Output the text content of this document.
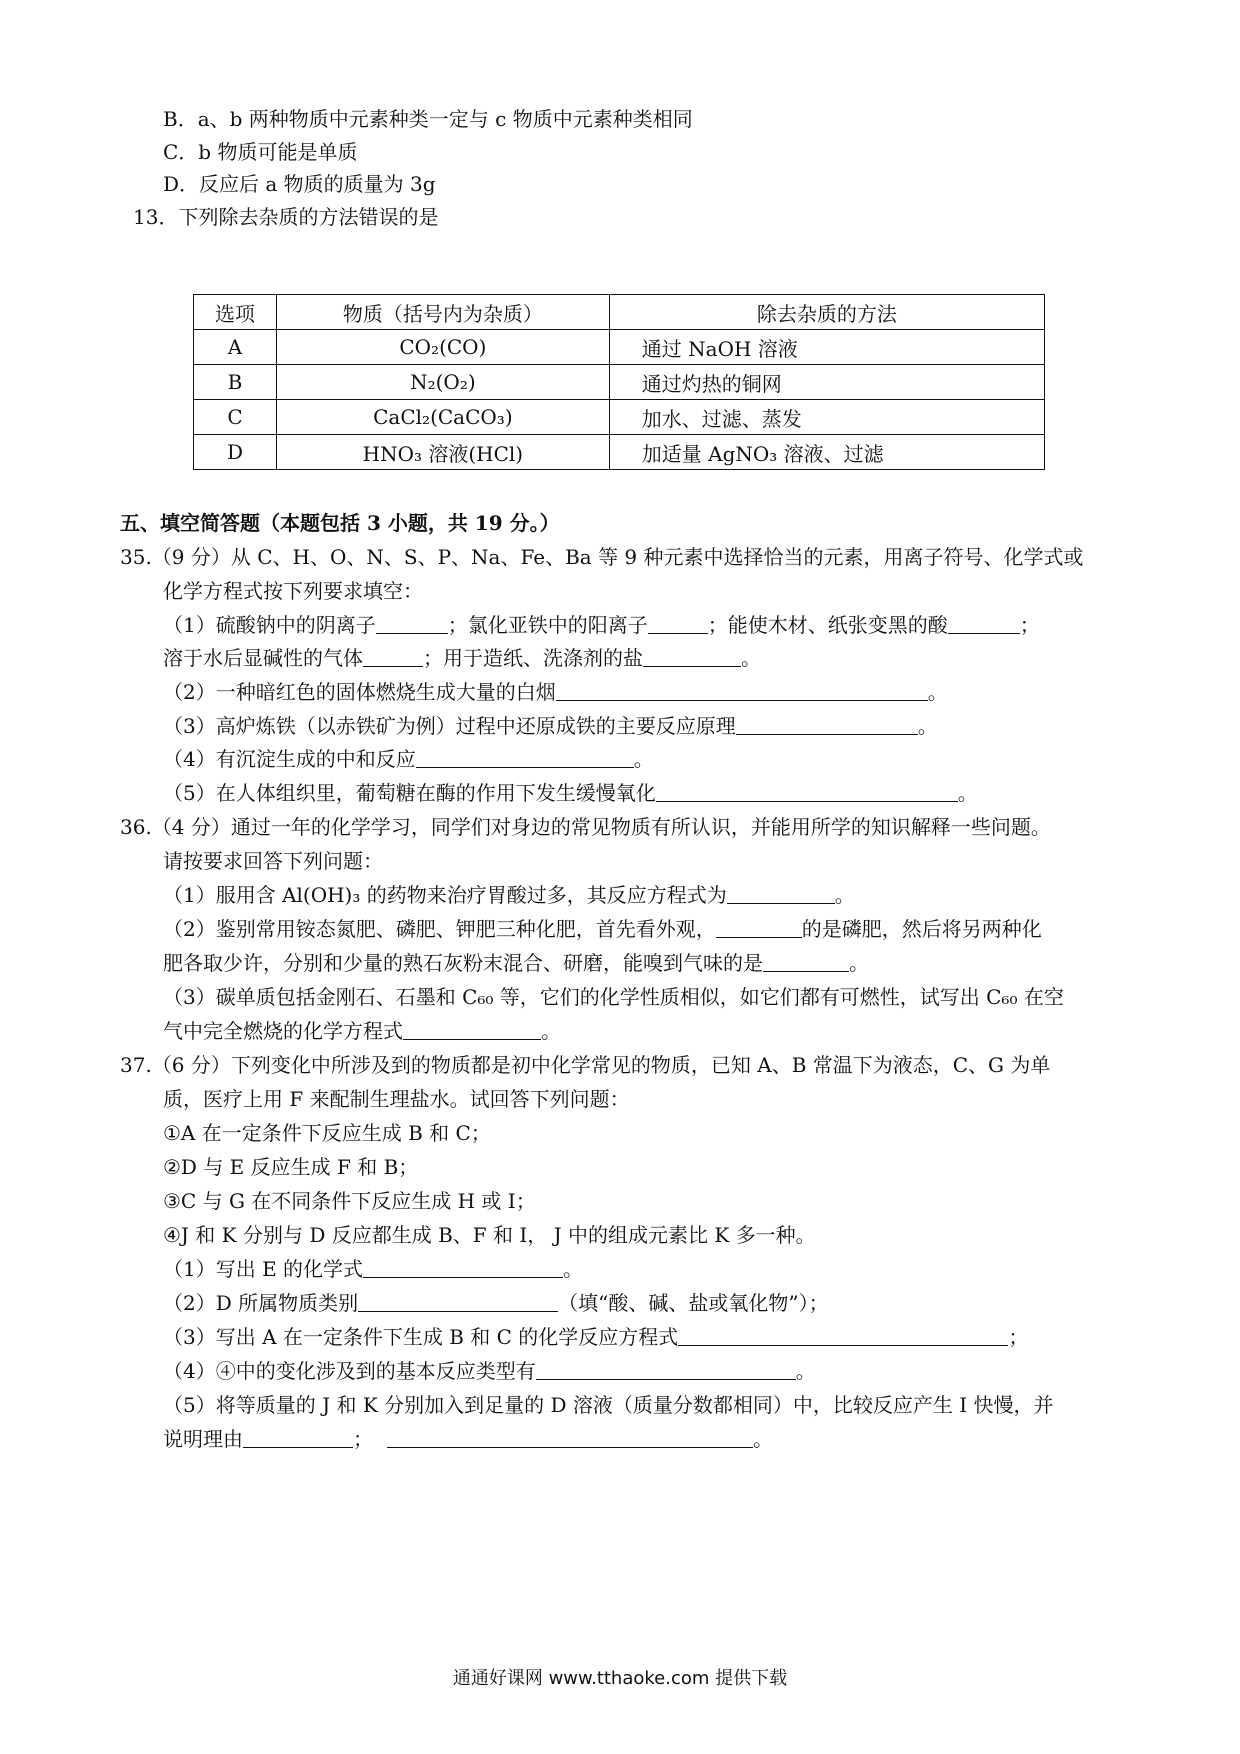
B．a、b 两种物质中元素种类一定与 c 物质中元素种类相同
C．b 物质可能是单质
D．反应后 a 物质的质量为 3g
13．下列除去杂质的方法错误的是
选项	物质（括号内为杂质）	除去杂质的方法
A	CO₂(CO)	通过 NaOH 溶液
B	N₂(O₂)	通过灼热的铜网
C	CaCl₂(CaCO₃)	加水、过滤、蒸发
D	HNO₃ 溶液(HCl)	加适量 AgNO₃ 溶液、过滤
五、填空简答题（本题包括 3 小题，共 19 分。）
35.（9 分）从 C、H、O、N、S、P、Na、Fe、Ba 等 9 种元素中选择恰当的元素，用离子符号、化学式或
化学方程式按下列要求填空：
（1）硫酸钠中的阴离子	；氯化亚铁中的阳离子	；能使木材、纸张变黑的酸	；
溶于水后显碱性的气体	；用于造纸、洗涤剂的盐	。
（2）一种暗红色的固体燃烧生成大量的白烟	。
（3）高炉炼铁（以赤铁矿为例）过程中还原成铁的主要反应原理	。
（4）有沉淀生成的中和反应	。
（5）在人体组织里，葡萄糖在酶的作用下发生缓慢氧化	。
36.（4 分）通过一年的化学学习，同学们对身边的常见物质有所认识，并能用所学的知识解释一些问题。
请按要求回答下列问题：
（1）服用含 Al(OH)₃ 的药物来治疗胃酸过多，其反应方程式为	。
（2）鉴别常用铵态氮肥、磷肥、钾肥三种化肥，首先看外观，	的是磷肥，然后将另两种化
肥各取少许，分别和少量的熟石灰粉末混合、研磨，能嗅到气味的是	。
（3）碳单质包括金刚石、石墨和 C₆₀ 等，它们的化学性质相似，如它们都有可燃性，试写出 C₆₀ 在空
气中完全燃烧的化学方程式	。
37.（6 分）下列变化中所涉及到的物质都是初中化学常见的物质，已知 A、B 常温下为液态，C、G 为单
质，医疗上用 F 来配制生理盐水。试回答下列问题：
①A 在一定条件下反应生成 B 和 C；
②D 与 E 反应生成 F 和 B；
③C 与 G 在不同条件下反应生成 H 或 I；
④J 和 K 分别与 D 反应都生成 B、F 和 I， J 中的组成元素比 K 多一种。
（1）写出 E 的化学式	。
（2）D 所属物质类别	（填“酸、碱、盐或氧化物”）；
（3）写出 A 在一定条件下生成 B 和 C 的化学反应方程式	；
（4）④中的变化涉及到的基本反应类型有	。
（5）将等质量的 J 和 K 分别加入到足量的 D 溶液（质量分数都相同）中，比较反应产生 I 快慢，并
说明理由	；	。
通通好课网 www.tthaoke.com 提供下载
